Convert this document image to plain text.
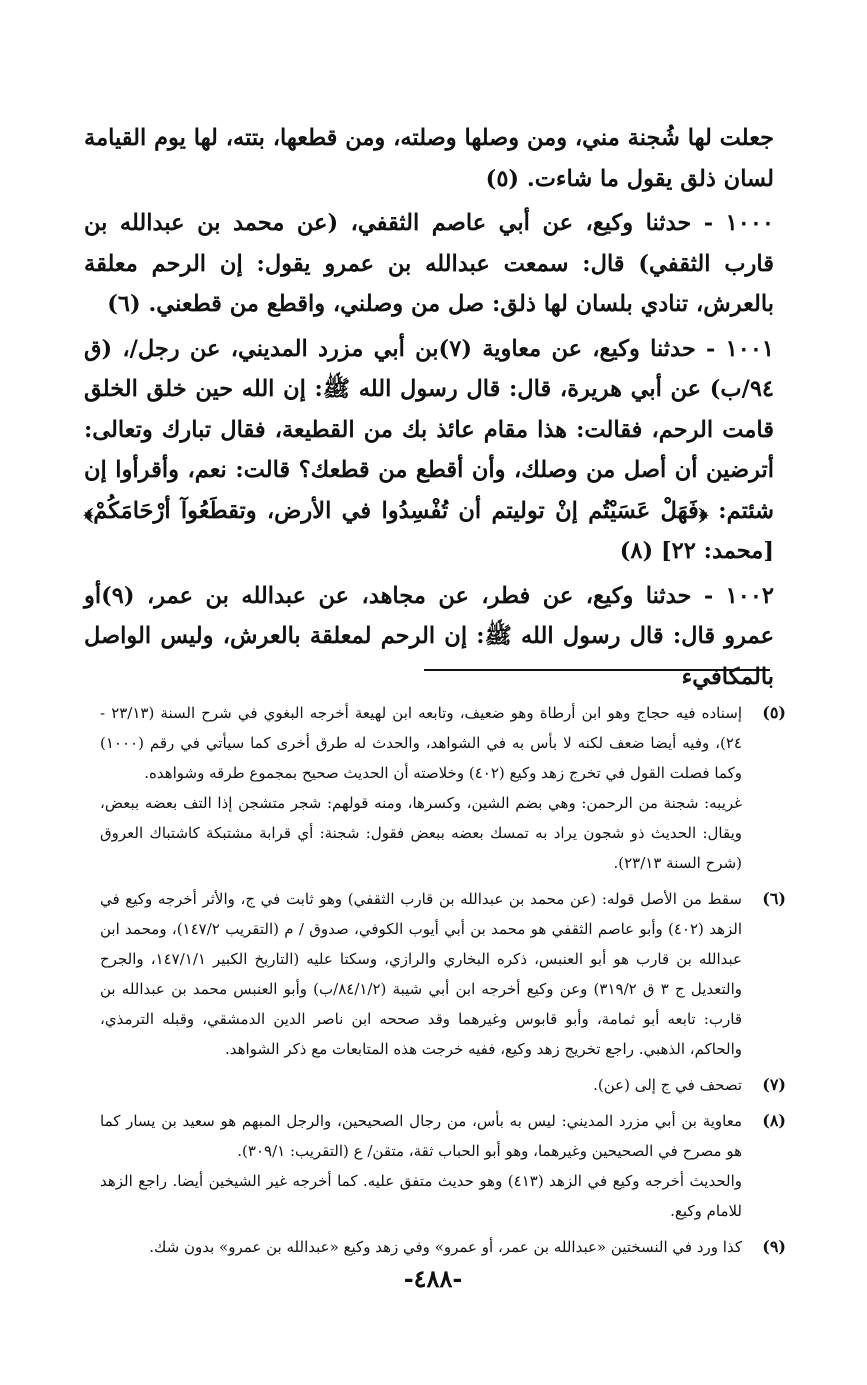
جعلت لها شُجنة مني، ومن وصلها وصلته، ومن قطعها، بتته، لها يوم القيامة لسان ذلق يقول ما شاءت. (٥)

١٠٠٠ - حدثنا وكيع، عن أبي عاصم الثقفي، (عن محمد بن عبدالله بن قارب الثقفي) قال: سمعت عبدالله بن عمرو يقول: إن الرحم معلقة بالعرش، تنادي بلسان لها ذلق: صل من وصلني، واقطع من قطعني. (٦)

١٠٠١ - حدثنا وكيع، عن معاوية (٧)بن أبي مزرد المديني، عن رجل/، (ق ٩٤/ب) عن أبي هريرة، قال: قال رسول الله ﷺ: إن الله حين خلق الخلق قامت الرحم، فقالت: هذا مقام عائذ بك من القطيعة، فقال تبارك وتعالى: أترضين أن أصل من وصلك، وأن أقطع من قطعك؟ قالت: نعم، وأقرأوا إن شئتم: ﴿فَهَلْ عَسَيْتُم إنْ توليتم أن تُفْسِدُوا في الأرض، وتقطَعُوآ أرْحَامَكُمْ﴾ [محمد: ٢٢] (٨)

١٠٠٢ - حدثنا وكيع، عن فطر، عن مجاهد، عن عبدالله بن عمر، (٩)أو عمرو قال: قال رسول الله ﷺ: إن الرحم لمعلقة بالعرش، وليس الواصل بالمكافيء

(٥)

إسناده فيه حجاج وهو ابن أرطاة وهو ضعيف، وتابعه ابن لهيعة أخرجه البغوي في شرح السنة (٢٣/١٣ - ٢٤)، وفيه أيضا ضعف لكنه لا بأس به في الشواهد، والحدث له طرق أخرى كما سيأتي في رقم (١٠٠٠) وكما فصلت القول في تخرج زهد وكيع (٤٠٢) وخلاصته أن الحديث صحيح بمجموع طرقه وشواهده.

غريبه: شجنة من الرحمن: وهي بضم الشين، وكسرها، ومنه قولهم: شجر متشجن إذا التف بعضه ببعض، ويقال: الحديث ذو شجون يراد به تمسك بعضه ببعض فقول: شجنة: أي قرابة مشتبكة كاشتباك العروق (شرح السنة ٢٣/١٣).

(٦)

سقط من الأصل قوله: (عن محمد بن عبدالله بن قارب الثقفي) وهو ثابت في ج، والأثر أخرجه وكيع في الزهد (٤٠٢) وأبو عاصم الثقفي هو محمد بن أبي أيوب الكوفي، صدوق / م (التقريب ١٤٧/٢)، ومحمد ابن عبدالله بن قارب هو أبو العنبس، ذكره البخاري والرازي، وسكتا عليه (التاريخ الكبير ١٤٧/١/١، والجرح والتعديل ج ٣ ق ٣١٩/٢) وعن وكيع أخرجه ابن أبي شيبة (٨٤/١/٢/ب) وأبو العنبس محمد بن عبدالله بن قارب: تابعه أبو ثمامة، وأبو قابوس وغيرهما وقد صححه ابن ناصر الدين الدمشقي، وقبله الترمذي، والحاكم، الذهبي. راجع تخريج زهد وكيع، ففيه خرجت هذه المتابعات مع ذكر الشواهد.

(٧)

تصحف في ج إلى (عن).

(٨)

معاوية بن أبي مزرد المديني: ليس به بأس، من رجال الصحيحين، والرجل المبهم هو سعيد بن يسار كما هو مصرح في الصحيحين وغيرهما، وهو أبو الحباب ثقة، متقن/ ع (التقريب: ٣٠٩/١).

والحديث أخرجه وكيع في الزهد (٤١٣) وهو حديث متفق عليه. كما أخرجه غير الشيخين أيضا. راجع الزهد للامام وكيع.

(٩)

كذا ورد في النسختين «عبدالله بن عمر، أو عمرو» وفي زهد وكيع «عبدالله بن عمرو» بدون شك.

-٤٨٨-
